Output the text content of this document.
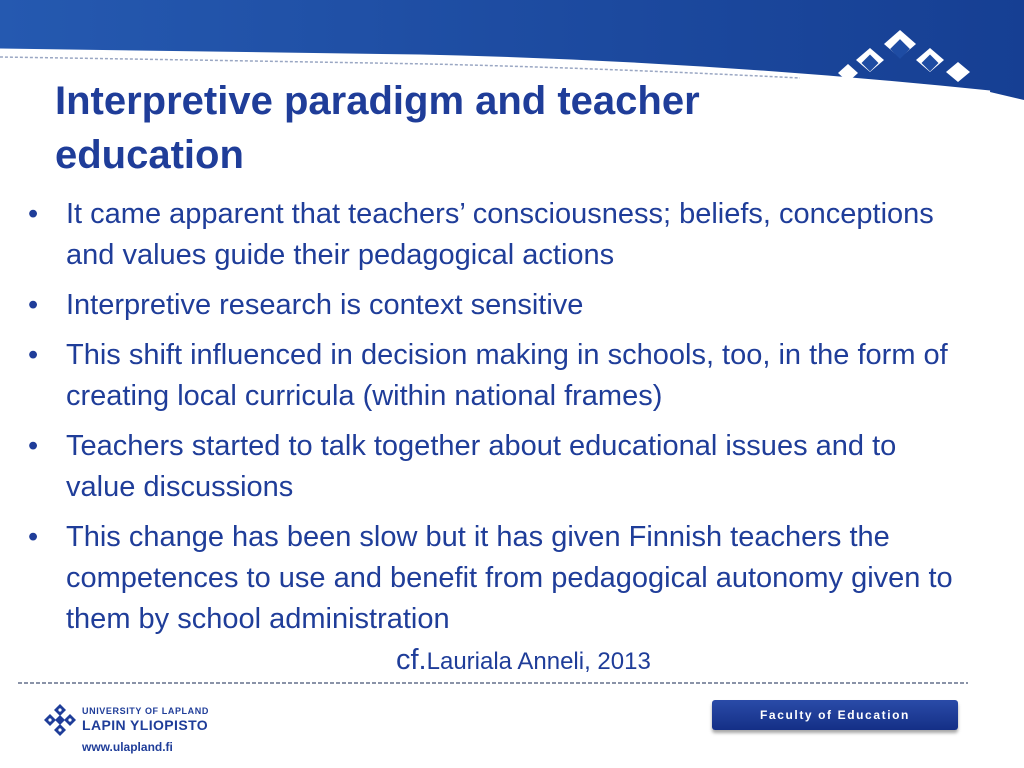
Interpretive paradigm and teacher education
• It came apparent that teachers’ consciousness; beliefs, conceptions and values guide their pedagogical actions
• Interpretive research is context sensitive
• This shift influenced in decision making in schools, too, in the form of creating local curricula (within national frames)
• Teachers started to talk together about educational issues and to value discussions
• This change has been slow but it has given Finnish teachers the competences to use and benefit from pedagogical autonomy given to them by school administration cf.Lauriala Anneli, 2013
UNIVERSITY OF LAPLAND
LAPIN YLIOPISTO
www.ulapland.fi
Faculty of Education
